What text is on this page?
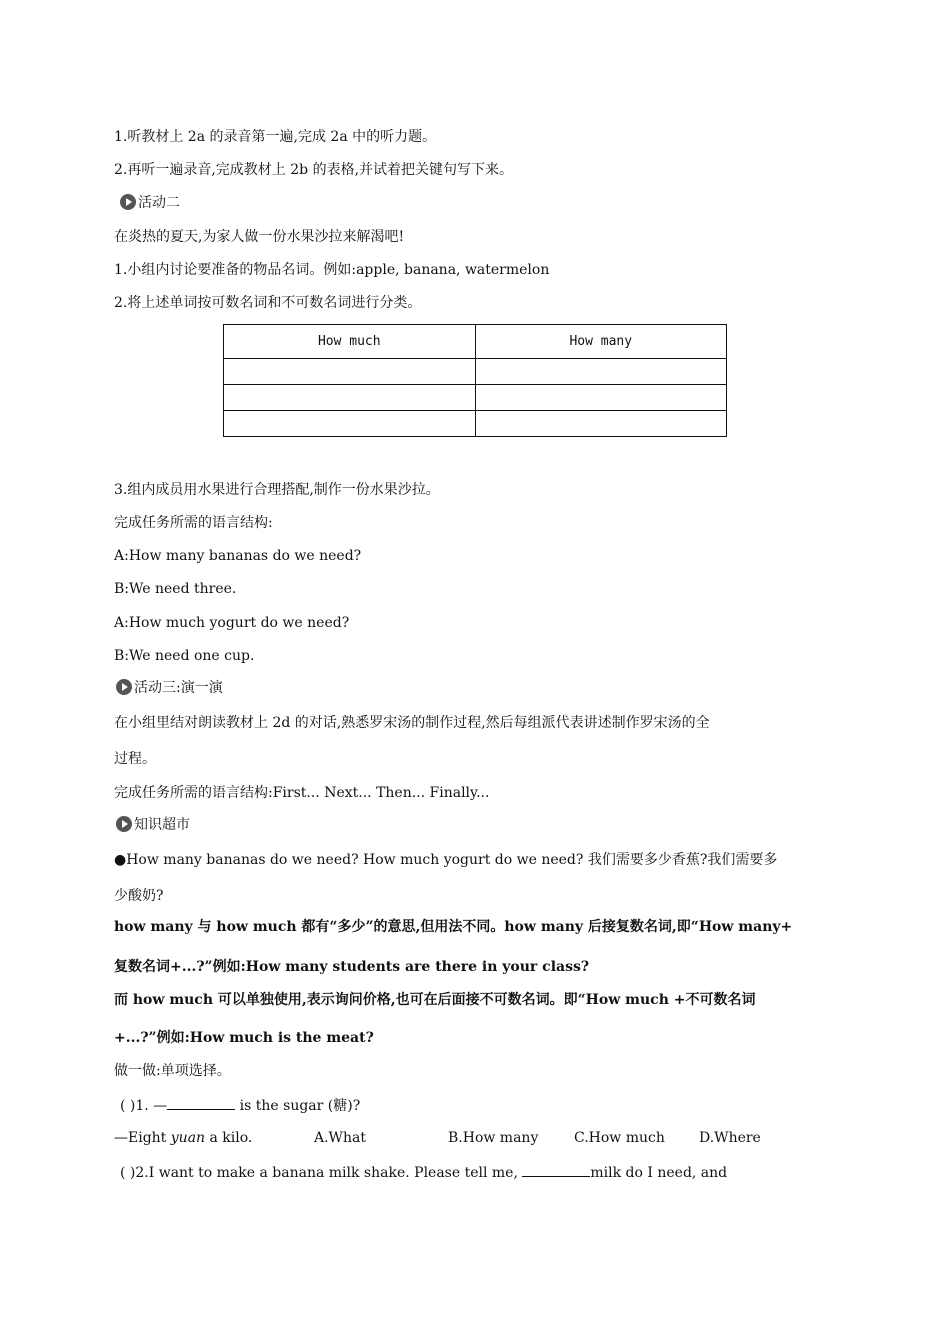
1.听教材上 2a 的录音第一遍,完成 2a 中的听力题。
2.再听一遍录音,完成教材上 2b 的表格,并试着把关键句写下来。
活动二
在炎热的夏天,为家人做一份水果沙拉来解渴吧!
1.小组内讨论要准备的物品名词。例如:apple, banana, watermelon
2.将上述单词按可数名词和不可数名词进行分类。
How much	How many

3.组内成员用水果进行合理搭配,制作一份水果沙拉。
完成任务所需的语言结构:
A:How many bananas do we need?
B:We need three.
A:How much yogurt do we need?
B:We need one cup.
活动三:演一演
在小组里结对朗读教材上 2d 的对话,熟悉罗宋汤的制作过程,然后每组派代表讲述制作罗宋汤的全
过程。
完成任务所需的语言结构:First... Next... Then... Finally...
知识超市
●How many bananas do we need? How much yogurt do we need? 我们需要多少香蕉?我们需要多
少酸奶?
how many 与 how much 都有“多少”的意思,但用法不同。how many 后接复数名词,即“How many+
复数名词+...?”例如:How many students are there in your class?
而 how much 可以单独使用,表示询问价格,也可在后面接不可数名词。即“How much +不可数名词
+...?”例如:How much is the meat?
做一做:单项选择。
( )1. —	is the sugar (糖)?
—Eight yuan a kilo.	A.What	B.How many	C.How much D.Where
( )2.I want to make a banana milk shake. Please tell me,	milk do I need, and
